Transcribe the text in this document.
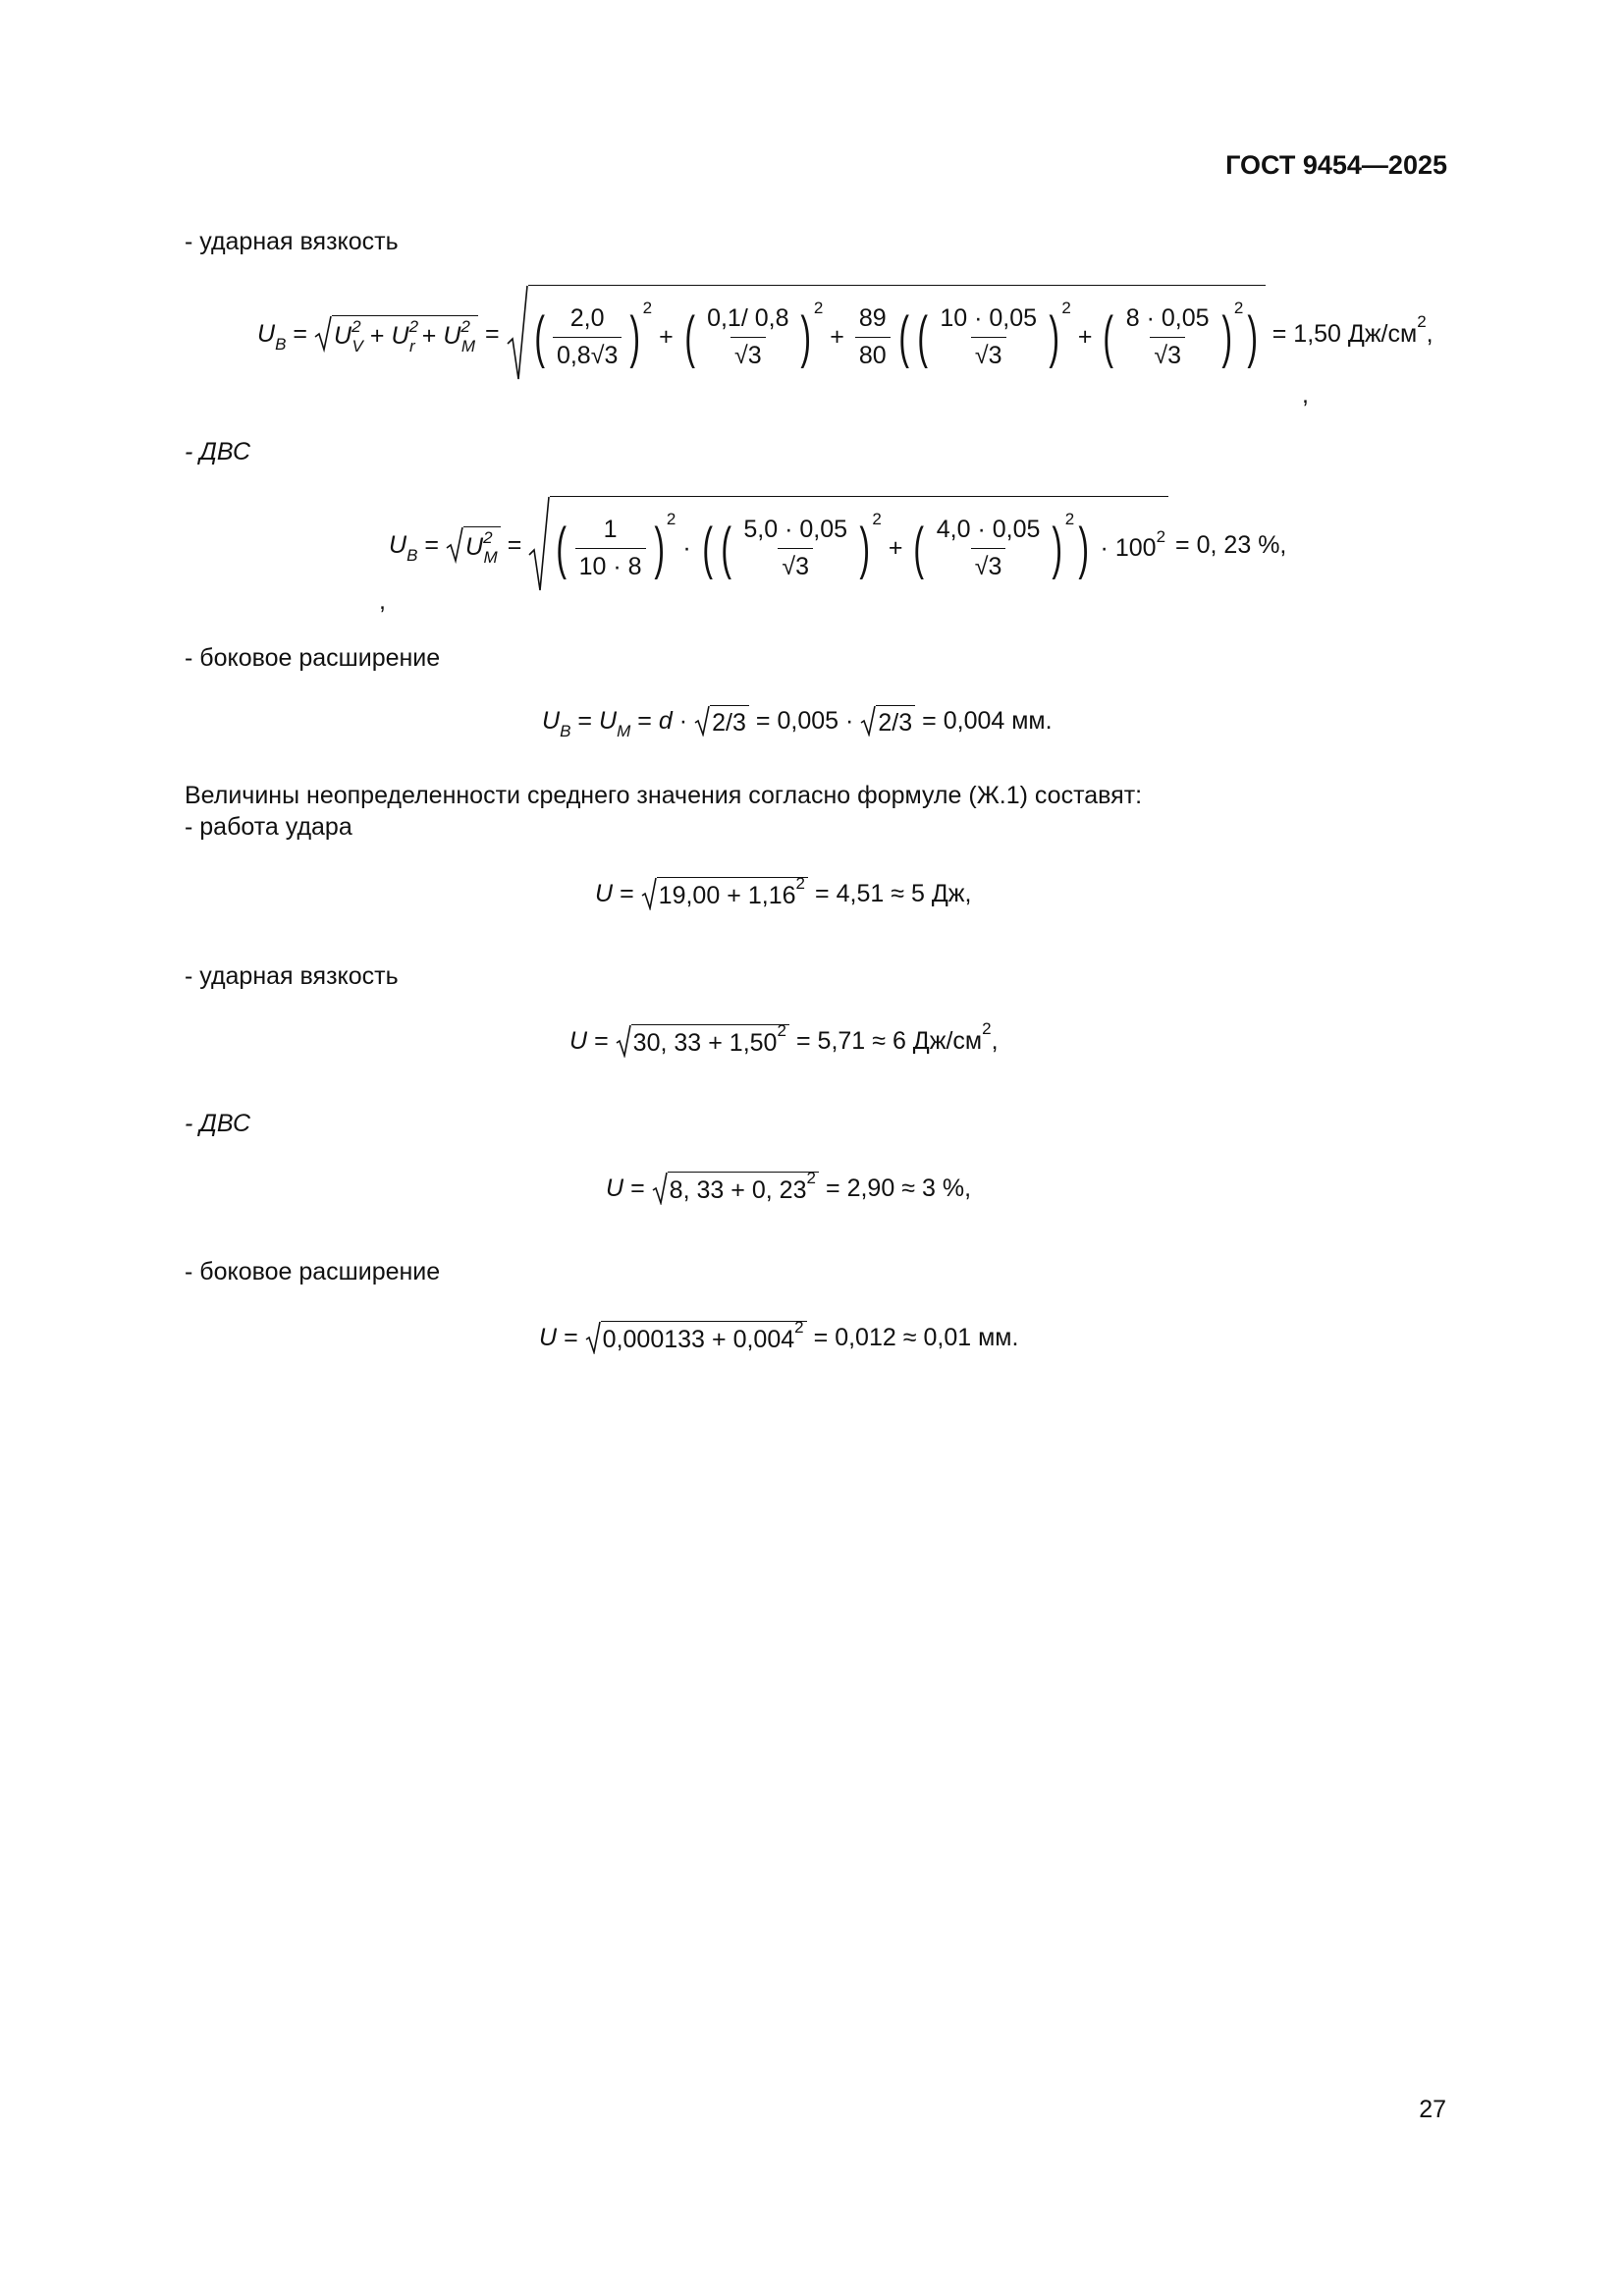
ГОСТ 9454—2025
- ударная вязкость
$U_B = U^2_V + U^2_r + U^2_M$ = ( $\frac{2,0}{0,8√3}$ ) 2
+ ( $\frac{0,1/ 0,8}{√3}$ ) 2
+ $\frac{89}{80}$ ( ( $\frac{10 \cdot 0,05}{√3}$ ) 2
+ ( $\frac{8 \cdot 0,05}{√3}$ ) 2 ) = 1,50 Дж/см 2 ,
,
- ДВС
$U_B = U^2_M$ = ( $\frac{1}{10 \cdot 8}$ ) 2
· ( ( $\frac{5,0 \cdot 0,05}{√3}$ ) 2
+ ( $\frac{4,0 \cdot 0,05}{√3}$ ) 2 ) · 100 2 = 0, 23 %,
,
- боковое расширение
$U_B = U_M = d \cdot 2/3 = 0,005 \cdot 2/3 = 0,004$ мм.
Величины неопределенности среднего значения согласно формуле (Ж.1) составят:
- работа удара
U = 19,00 + 1,16 2 = 4,51 ≈ 5 Дж,
- ударная вязкость
U = 30, 33 + 1,50 2 = 5,71 ≈ 6 Дж/см 2 ,
- ДВС
U = 8, 33 + 0, 23 2 = 2,90 ≈ 3 %,
- боковое расширение
U = 0,000133 + 0,004 2 = 0,012 ≈ 0,01 мм.
27
